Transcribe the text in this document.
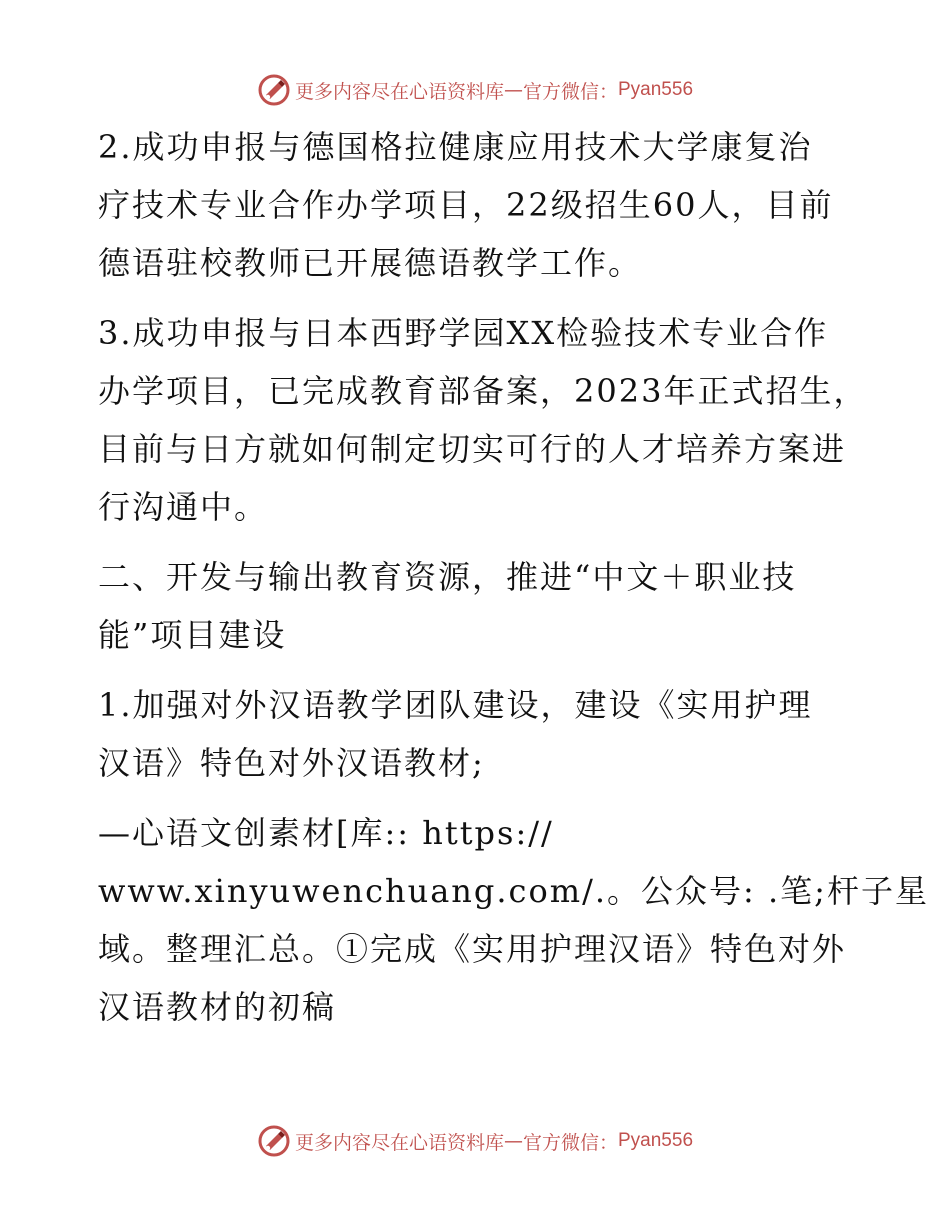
更多内容尽在心语资料库 — 官方微信： Pyan556

2.成功申报与德国格拉健康应用技术大学康复治
疗技术专业合作办学项目，22级招生60人，目前
德语驻校教师已开展德语教学工作。

3.成功申报与日本西野学园XX检验技术专业合作
办学项目，已完成教育部备案，2023年正式招生，
目前与日方就如何制定切实可行的人才培养方案进
行沟通中。

二、开发与输出教育资源，推进“中文＋职业技
能”项目建设

1.加强对外汉语教学团队建设，建设《实用护理
汉语》特色对外汉语教材;

—心语文创素材[库:: https://
www.xinyuwenchuang.com/.。公众号: .笔;杆子星
域。整理汇总。①完成《实用护理汉语》特色对外
汉语教材的初稿

更多内容尽在心语资料库 — 官方微信： Pyan556
